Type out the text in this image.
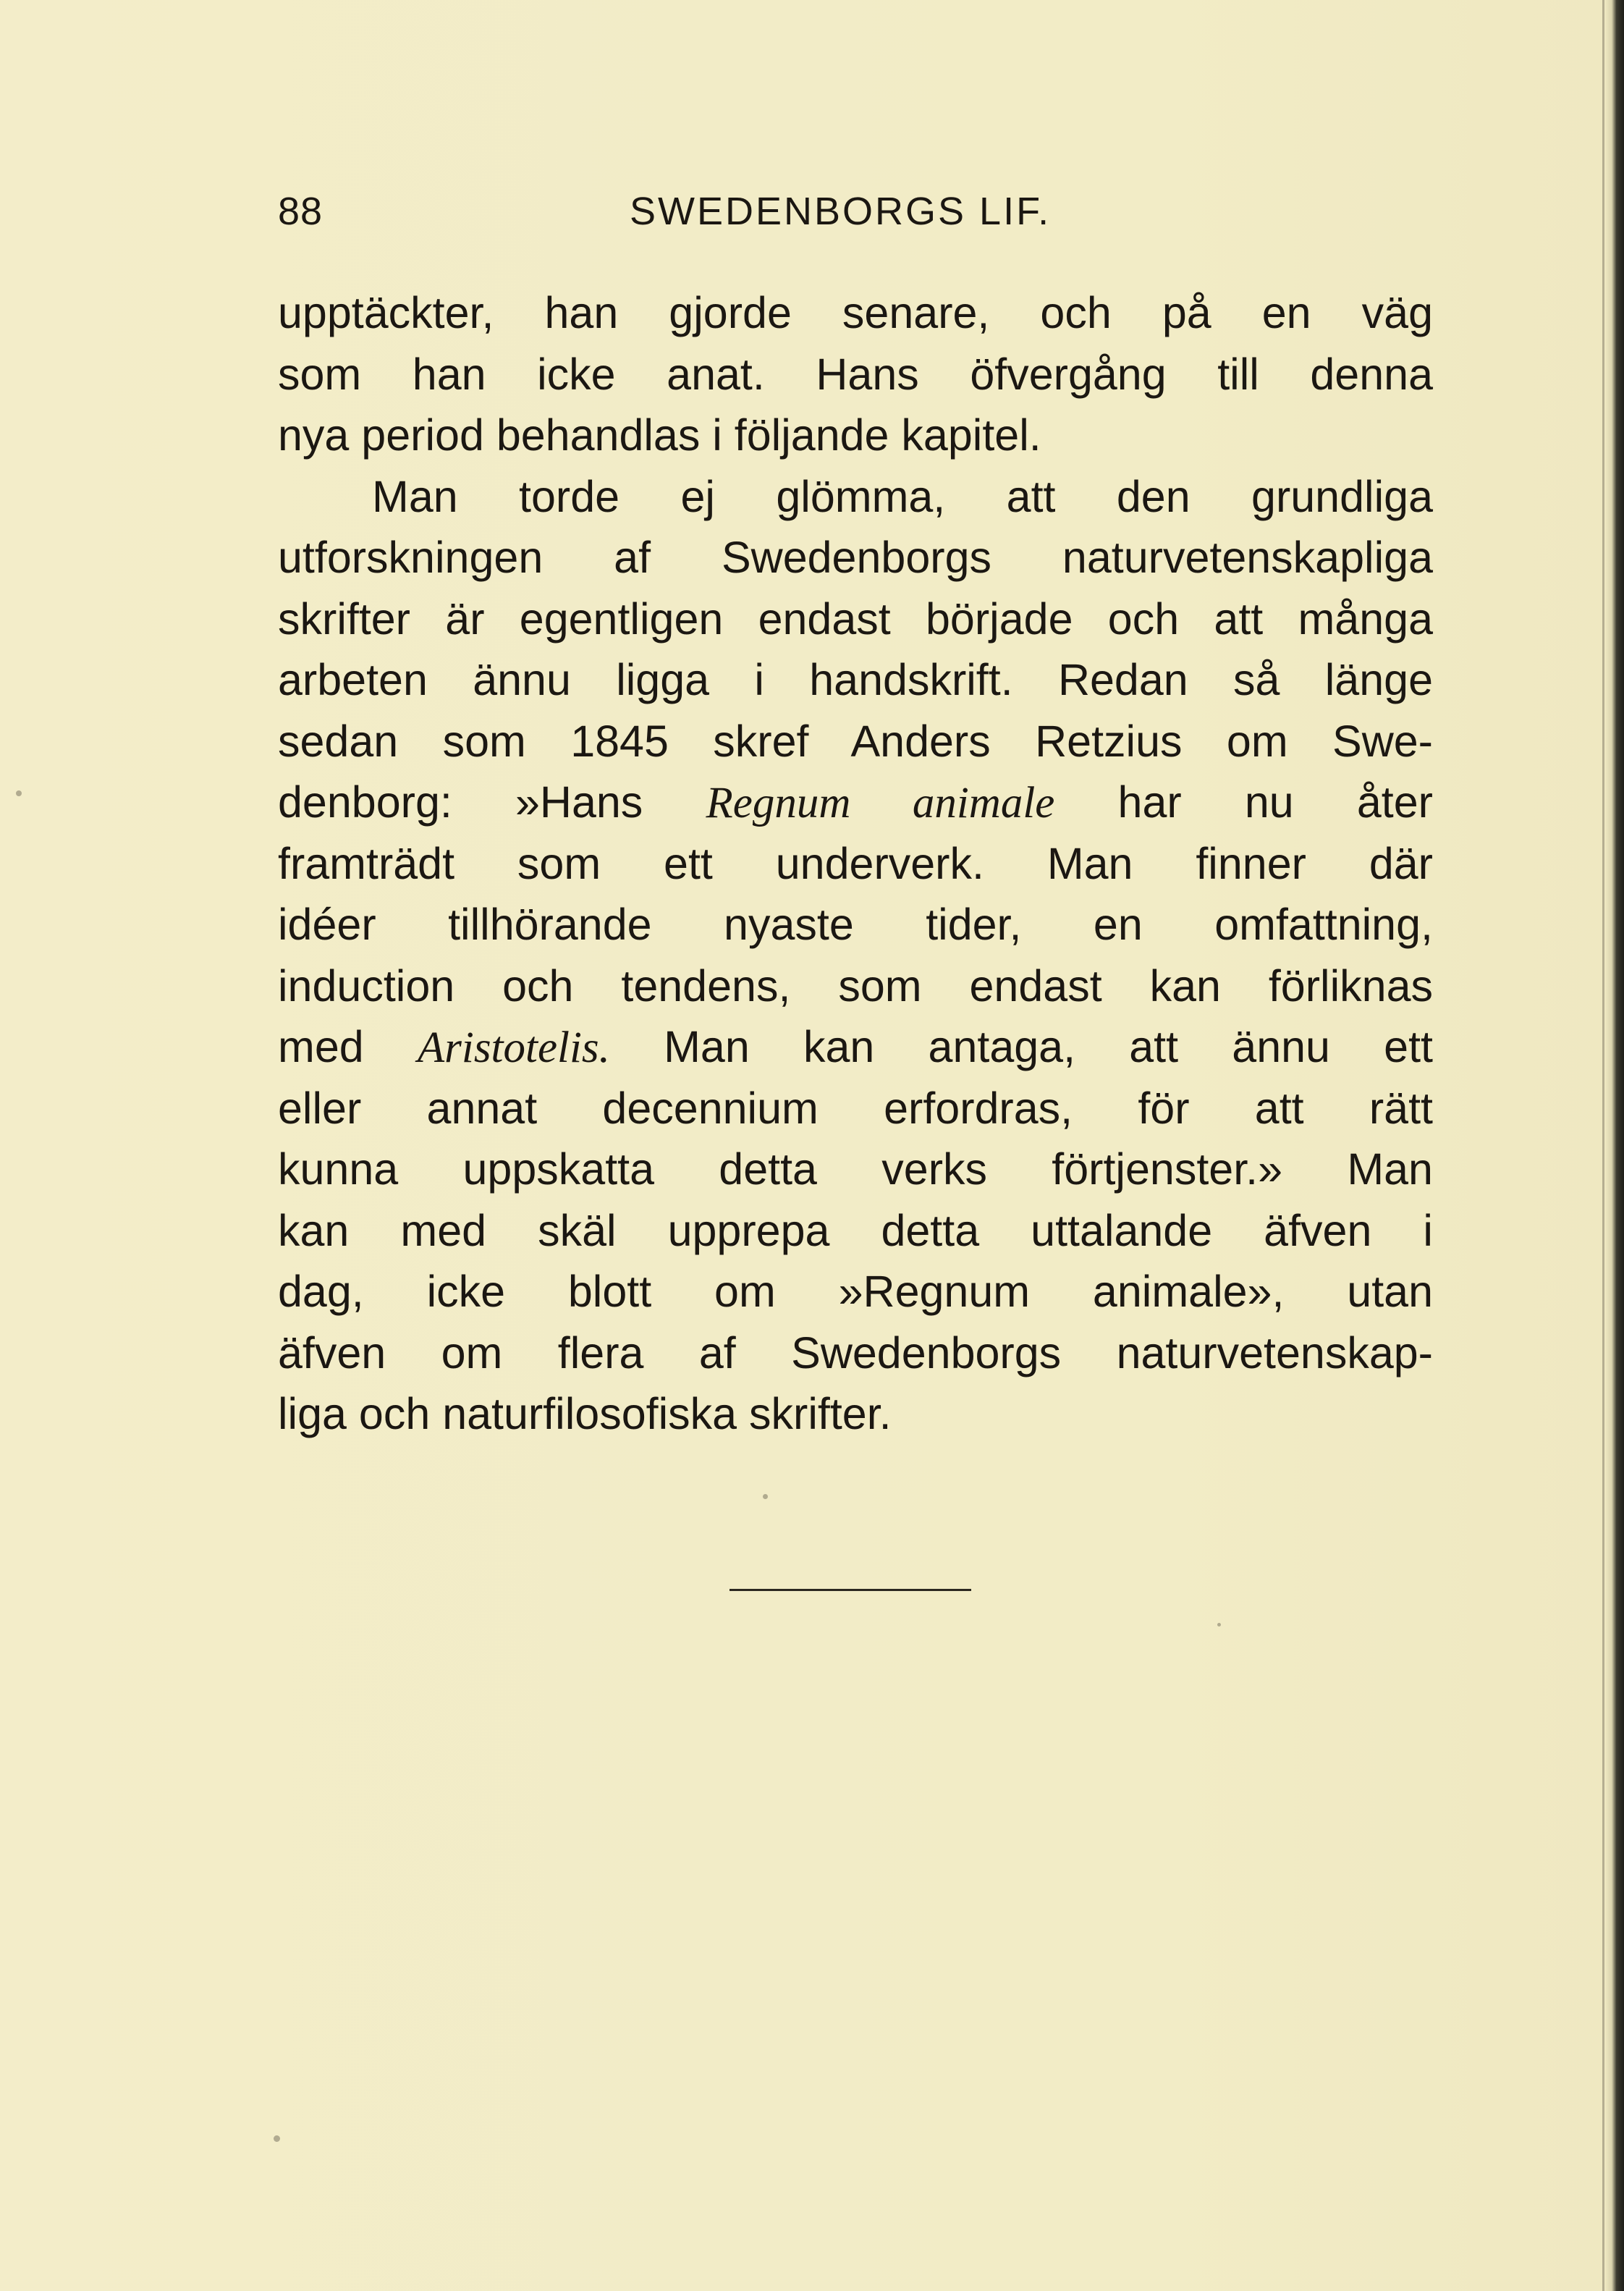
88	SWEDENBORGS LIF.
upptäckter, han gjorde senare, och på en väg
som han icke anat. Hans öfvergång till denna
nya period behandlas i följande kapitel.
Man torde ej glömma, att den grundliga
utforskningen af Swedenborgs naturvetenskapliga
skrifter är egentligen endast började och att många
arbeten ännu ligga i handskrift. Redan så länge
sedan som 1845 skref Anders Retzius om Swe-
denborg: »Hans Regnum animale har nu åter
framträdt som ett underverk. Man finner där
idéer tillhörande nyaste tider, en omfattning,
induction och tendens, som endast kan förliknas
med Aristotelis. Man kan antaga, att ännu ett
eller annat decennium erfordras, för att rätt
kunna uppskatta detta verks förtjenster.» Man
kan med skäl upprepa detta uttalande äfven i
dag, icke blott om »Regnum animale», utan
äfven om flera af Swedenborgs naturvetenskap-
liga och naturfilosofiska skrifter.
